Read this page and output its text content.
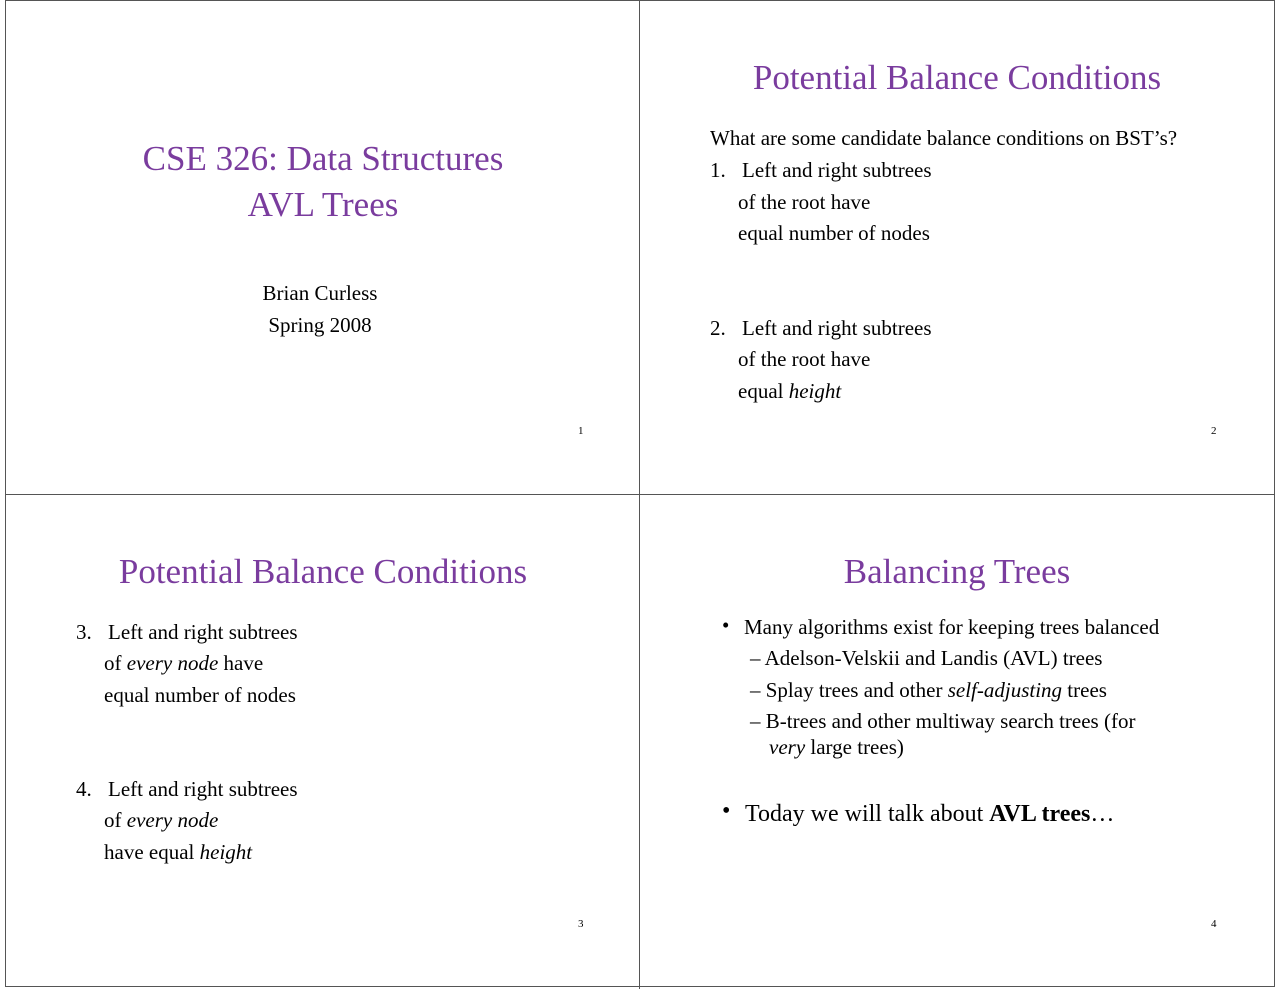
CSE 326: Data Structures
AVL Trees
Brian Curless
Spring 2008
1
Potential Balance Conditions
What are some candidate balance conditions on BST’s?
1. Left and right subtrees
of the root have
equal number of nodes
2. Left and right subtrees
of the root have
equal height
2
Potential Balance Conditions
3. Left and right subtrees
of every node have
equal number of nodes
4. Left and right subtrees
of every node
have equal height
3
Balancing Trees
• Many algorithms exist for keeping trees balanced
– Adelson-Velskii and Landis (AVL) trees
– Splay trees and other self-adjusting trees
– B-trees and other multiway search trees (for
very large trees)
• Today we will talk about AVL trees…
4
